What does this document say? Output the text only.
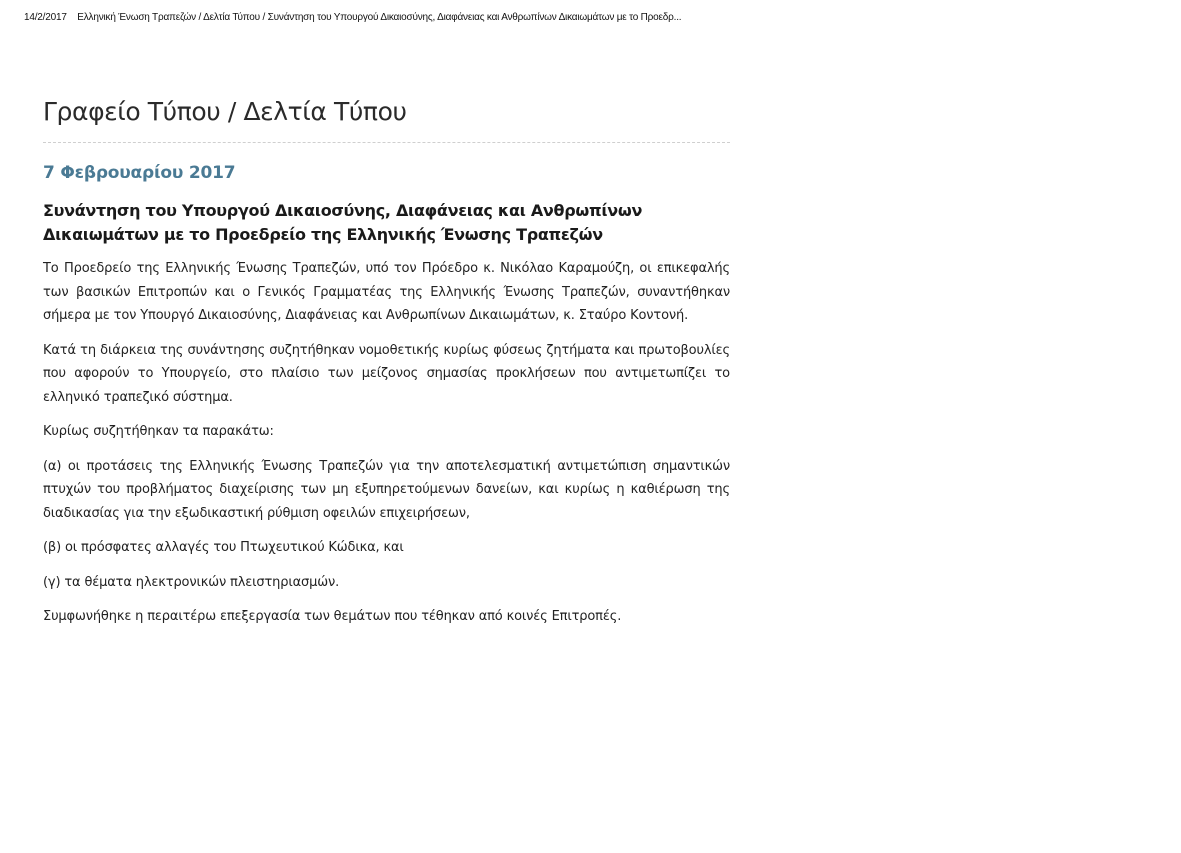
14/2/2017 Ελληνική Ένωση Τραπεζών / Δελτία Τύπου / Συνάντηση του Υπουργού Δικαιοσύνης, Διαφάνειας και Ανθρωπίνων Δικαιωμάτων με το Προεδρ...
Γραφείο Τύπου / Δελτία Τύπου
7 Φεβρουαρίου 2017
Συνάντηση του Υπουργού Δικαιοσύνης, Διαφάνειας και Ανθρωπίνων Δικαιωμάτων με το Προεδρείο της Ελληνικής Ένωσης Τραπεζών

Το Προεδρείο της Ελληνικής Ένωσης Τραπεζών, υπό τον Πρόεδρο κ. Νικόλαο Καραμούζη, οι επικεφαλής των βασικών Επιτροπών και ο Γενικός Γραμματέας της Ελληνικής Ένωσης Τραπεζών, συναντήθηκαν σήμερα με τον Υπουργό Δικαιοσύνης, Διαφάνειας και Ανθρωπίνων Δικαιωμάτων, κ. Σταύρο Κοντονή.

Κατά τη διάρκεια της συνάντησης συζητήθηκαν νομοθετικής κυρίως φύσεως ζητήματα και πρωτοβουλίες που αφορούν το Υπουργείο, στο πλαίσιο των μείζονος σημασίας προκλήσεων που αντιμετωπίζει το ελληνικό τραπεζικό σύστημα.

Κυρίως συζητήθηκαν τα παρακάτω:

(α) οι προτάσεις της Ελληνικής Ένωσης Τραπεζών για την αποτελεσματική αντιμετώπιση σημαντικών πτυχών του προβλήματος διαχείρισης των μη εξυπηρετούμενων δανείων, και κυρίως η καθιέρωση της διαδικασίας για την εξωδικαστική ρύθμιση οφειλών επιχειρήσεων,

(β) οι πρόσφατες αλλαγές του Πτωχευτικού Κώδικα, και

(γ) τα θέματα ηλεκτρονικών πλειστηριασμών.

Συμφωνήθηκε η περαιτέρω επεξεργασία των θεμάτων που τέθηκαν από κοινές Επιτροπές.
